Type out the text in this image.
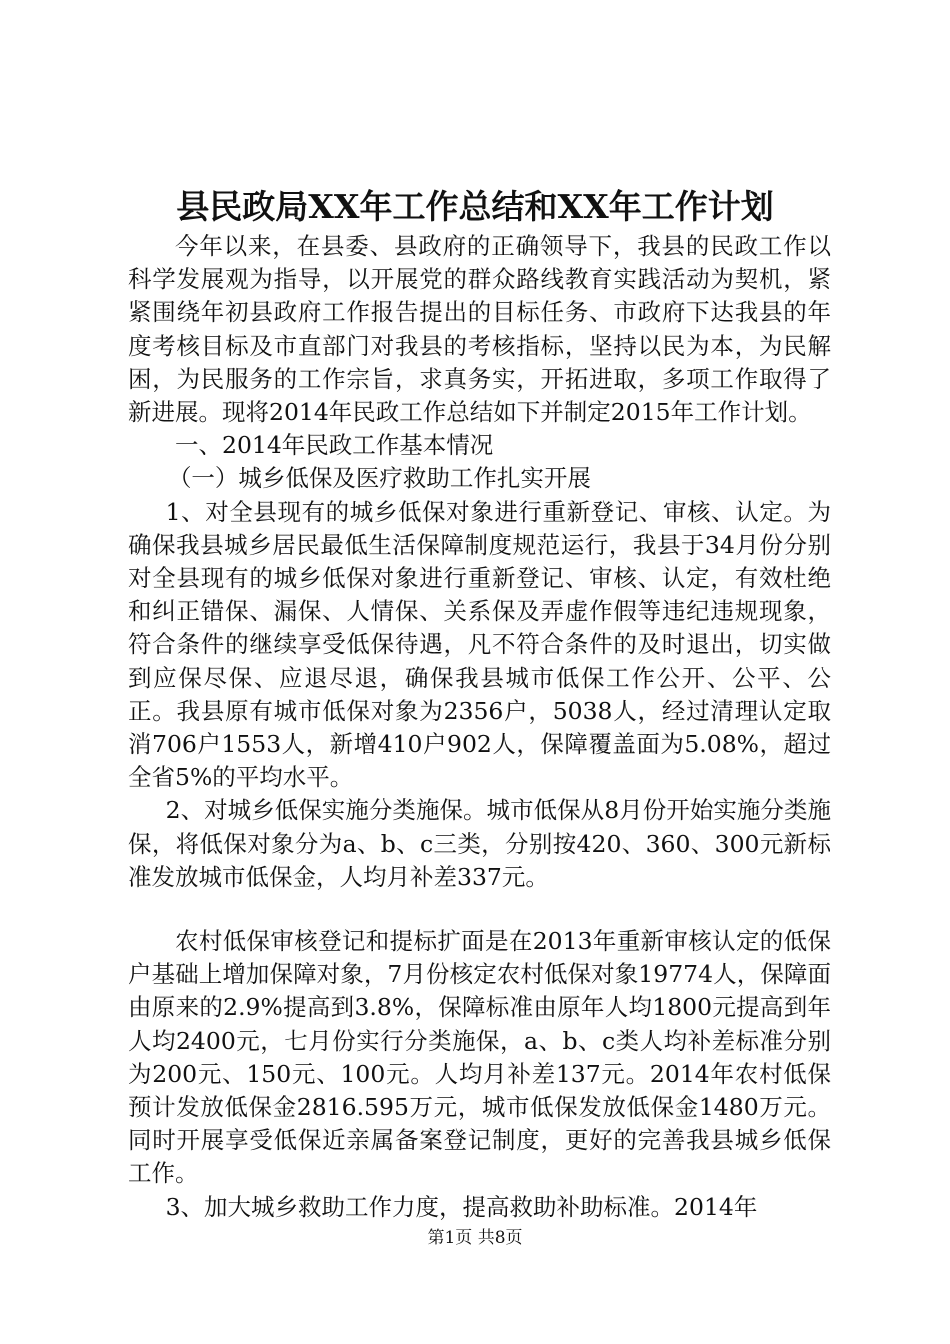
县民政局XX年工作总结和XX年工作计划

今年以来，在县委、县政府的正确领导下，我县的民政工作以科学发展观为指导，以开展党的群众路线教育实践活动为契机，紧紧围绕年初县政府工作报告提出的目标任务、市政府下达我县的年度考核目标及市直部门对我县的考核指标，坚持以民为本，为民解困，为民服务的工作宗旨，求真务实，开拓进取，多项工作取得了新进展。现将2014年民政工作总结如下并制定2015年工作计划。

一、2014年民政工作基本情况

（一）城乡低保及医疗救助工作扎实开展

1、对全县现有的城乡低保对象进行重新登记、审核、认定。为确保我县城乡居民最低生活保障制度规范运行，我县于34月份分别对全县现有的城乡低保对象进行重新登记、审核、认定，有效杜绝和纠正错保、漏保、人情保、关系保及弄虚作假等违纪违规现象，符合条件的继续享受低保待遇，凡不符合条件的及时退出，切实做到应保尽保、应退尽退，确保我县城市低保工作公开、公平、公正。我县原有城市低保对象为2356户，5038人，经过清理认定取消706户1553人，新增410户902人，保障覆盖面为5.08%，超过全省5%的平均水平。

2、对城乡低保实施分类施保。城市低保从8月份开始实施分类施保，将低保对象分为a、b、c三类，分别按420、360、300元新标准发放城市低保金，人均月补差337元。

农村低保审核登记和提标扩面是在2013年重新审核认定的低保户基础上增加保障对象，7月份核定农村低保对象19774人，保障面由原来的2.9%提高到3.8%，保障标准由原年人均1800元提高到年人均2400元，七月份实行分类施保，a、b、c类人均补差标准分别为200元、150元、100元。人均月补差137元。2014年农村低保预计发放低保金2816.595万元，城市低保发放低保金1480万元。同时开展享受低保近亲属备案登记制度，更好的完善我县城乡低保工作。

3、加大城乡救助工作力度，提高救助补助标准。2014年

第1页 共8页
